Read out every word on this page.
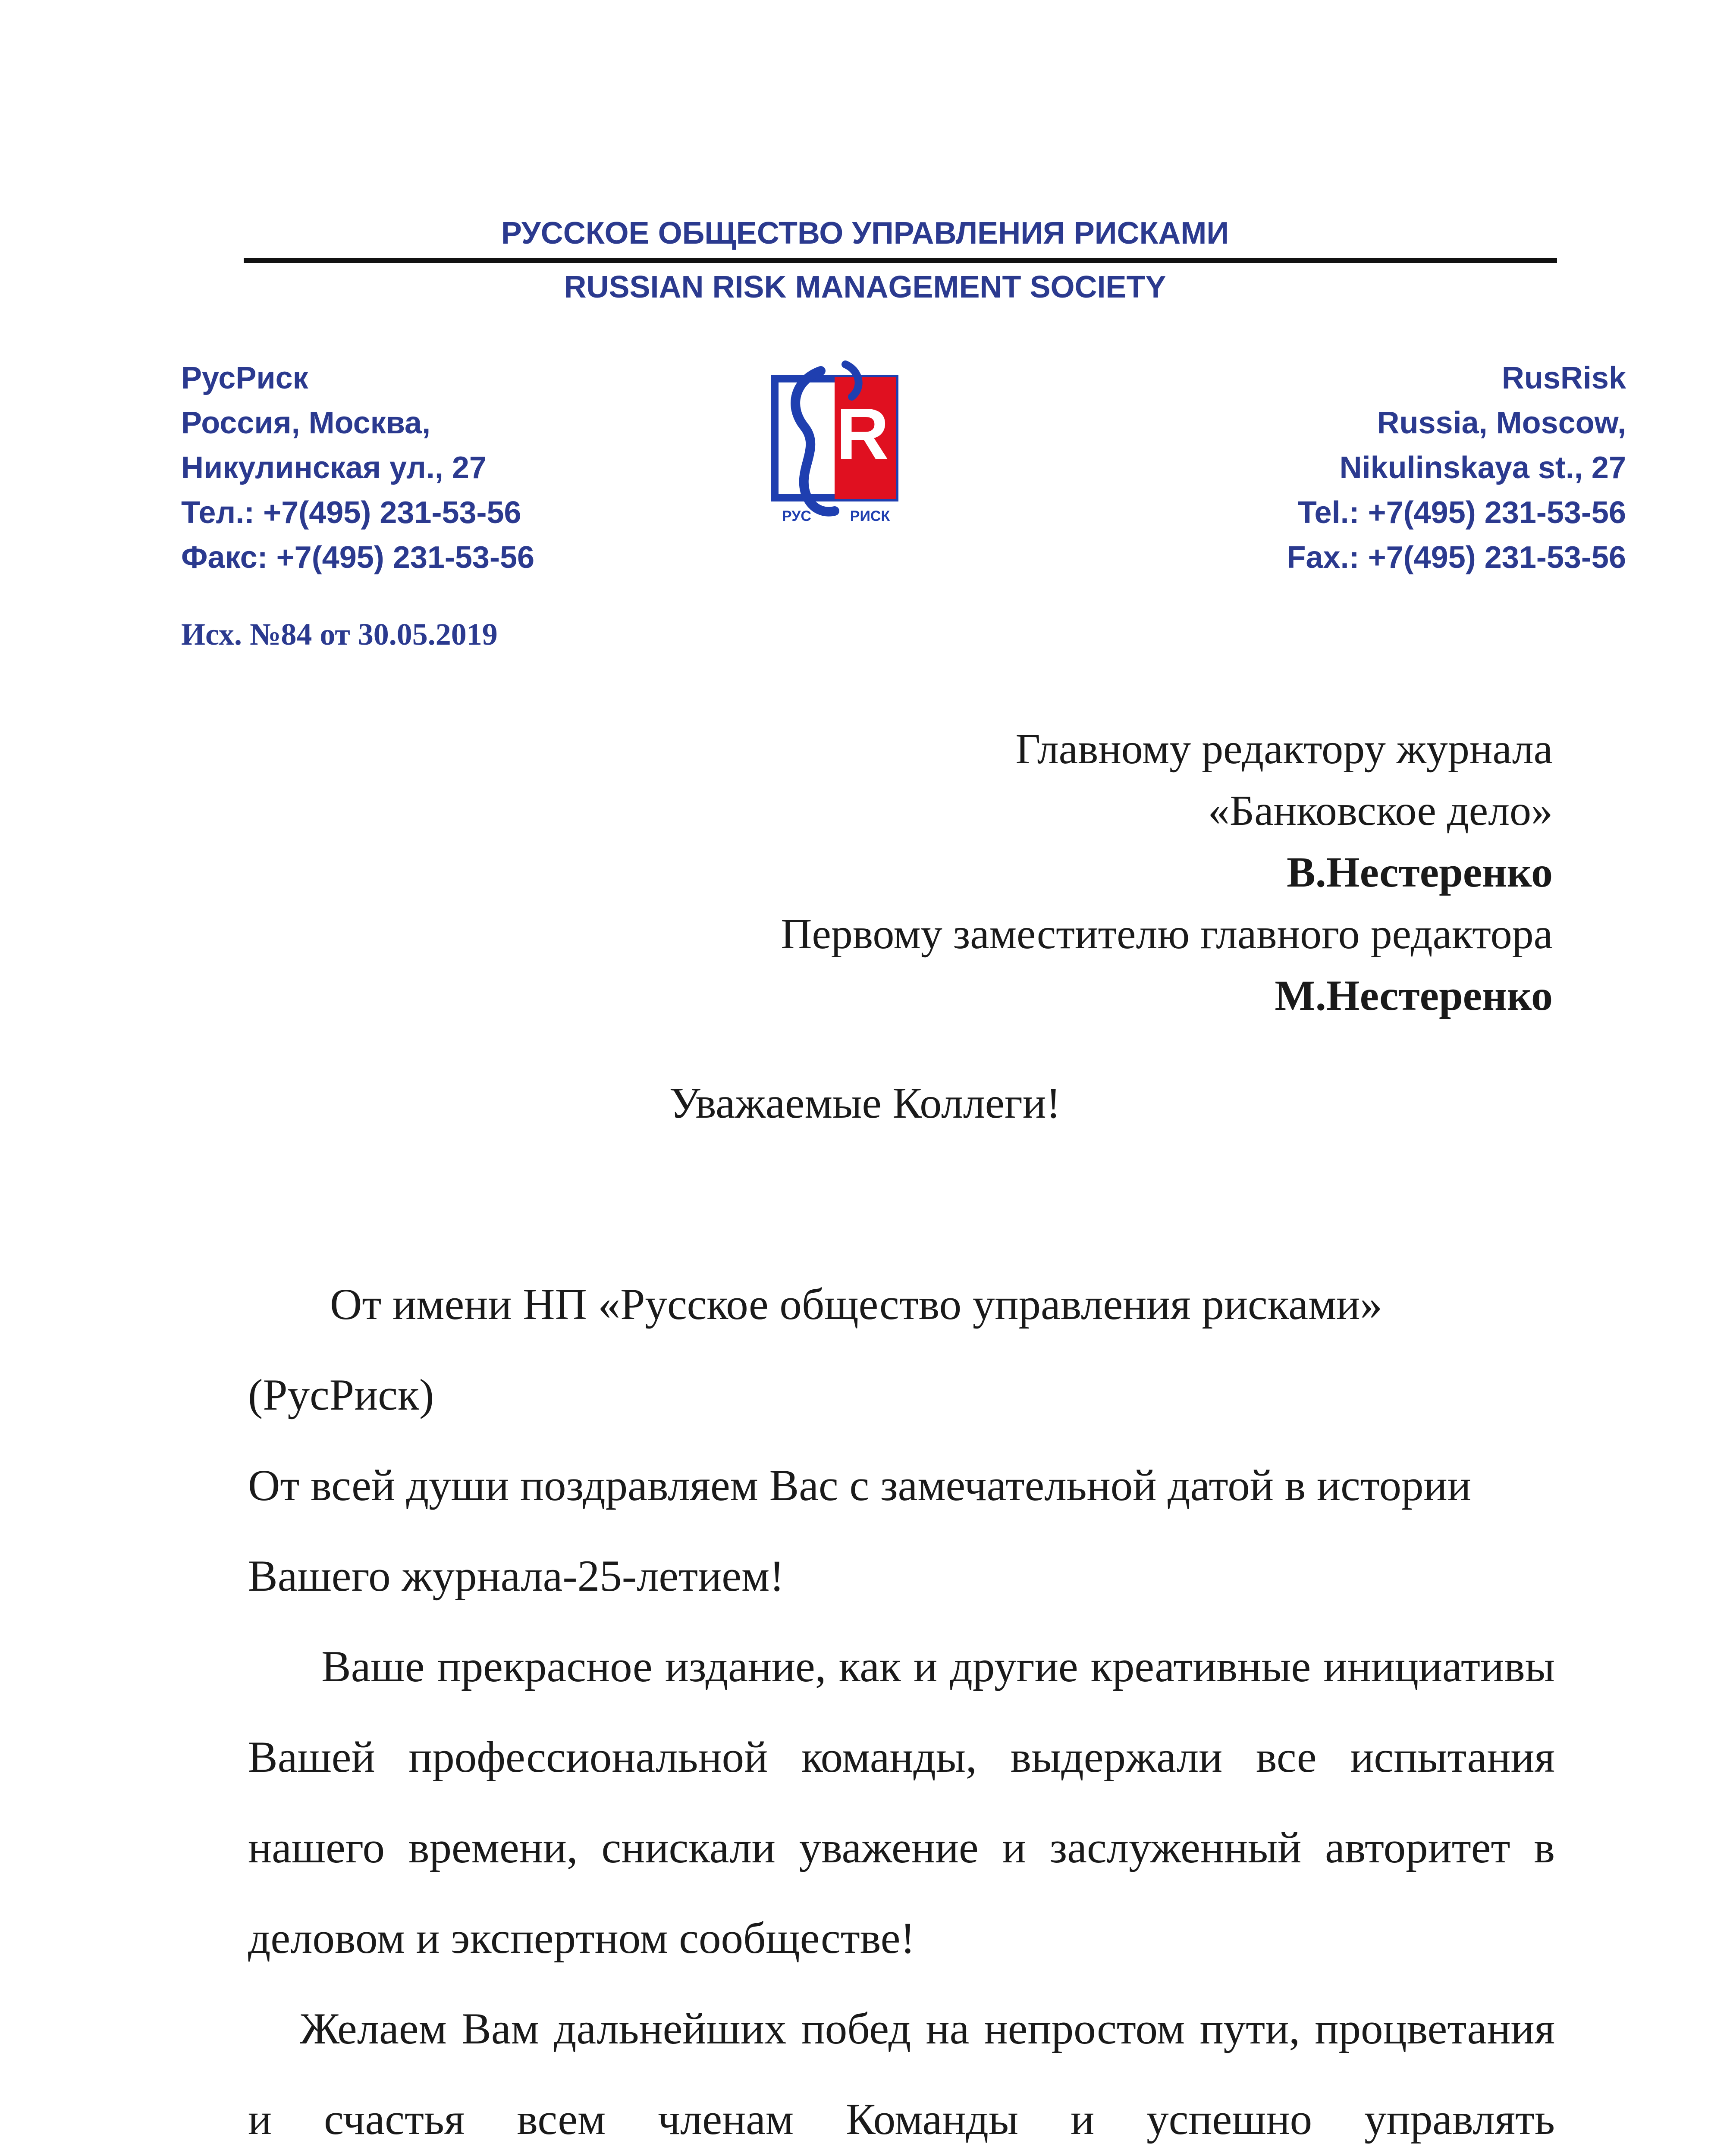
РУССКОЕ ОБЩЕСТВО УПРАВЛЕНИЯ РИСКАМИ
RUSSIAN RISK MANAGEMENT SOCIETY
РусРиск
Россия, Москва,
Никулинская ул., 27
Тел.: +7(495) 231-53-56
Факс: +7(495) 231-53-56
R
РУС	РИСК
RusRisk
Russia, Moscow,
Nikulinskaya st., 27
Tel.: +7(495) 231-53-56
Fax.: +7(495) 231-53-56
Исх. №84 от 30.05.2019
Главному редактору журнала
«Банковское дело»
В.Нестеренко
Первому заместителю главного редактора
М.Нестеренко
Уважаемые Коллеги!

От имени НП «Русское общество управления рисками» (РусРиск)

От всей души поздравляем Вас с замечательной датой в истории Вашего журнала-25-летием!

Ваше прекрасное издание, как и другие креативные инициативы Вашей профессиональной команды, выдержали все испытания нашего времени, снискали уважение и заслуженный авторитет в деловом и экспертном сообществе!

Желаем Вам дальнейших побед на непростом пути, процветания и счастья всем членам Команды и успешно управлять
